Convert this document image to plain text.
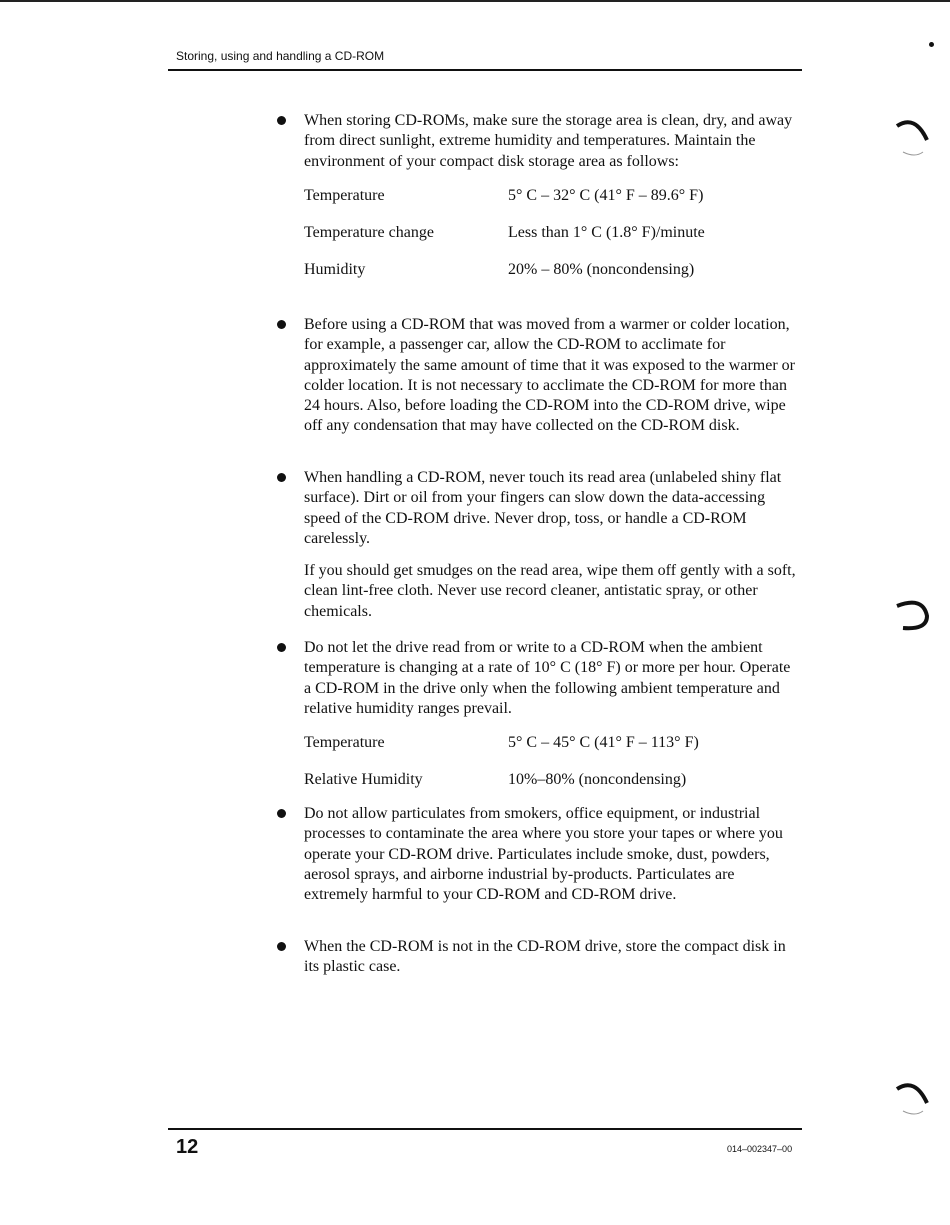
Storing, using and handling a CD-ROM

When storing CD-ROMs, make sure the storage area is clean, dry, and away from direct sunlight, extreme humidity and temperatures. Maintain the environment of your compact disk storage area as follows:

Temperature	5° C – 32° C (41° F – 89.6° F)
Temperature change	Less than 1° C (1.8° F)/minute
Humidity	20% – 80% (noncondensing)

Before using a CD-ROM that was moved from a warmer or colder location, for example, a passenger car, allow the CD-ROM to acclimate for approximately the same amount of time that it was exposed to the warmer or colder location. It is not necessary to acclimate the CD-ROM for more than 24 hours. Also, before loading the CD-ROM into the CD-ROM drive, wipe off any condensation that may have collected on the CD-ROM disk.

When handling a CD-ROM, never touch its read area (unlabeled shiny flat surface). Dirt or oil from your fingers can slow down the data-accessing speed of the CD-ROM drive. Never drop, toss, or handle a CD-ROM carelessly.

If you should get smudges on the read area, wipe them off gently with a soft, clean lint-free cloth. Never use record cleaner, antistatic spray, or other chemicals.

Do not let the drive read from or write to a CD-ROM when the ambient temperature is changing at a rate of 10° C (18° F) or more per hour. Operate a CD-ROM in the drive only when the following ambient temperature and relative humidity ranges prevail.

Temperature	5° C – 45° C (41° F – 113° F)
Relative Humidity	10%–80% (noncondensing)

Do not allow particulates from smokers, office equipment, or industrial processes to contaminate the area where you store your tapes or where you operate your CD-ROM drive. Particulates include smoke, dust, powders, aerosol sprays, and airborne industrial by-products. Particulates are extremely harmful to your CD-ROM and CD-ROM drive.

When the CD-ROM is not in the CD-ROM drive, store the compact disk in its plastic case.

12	014–002347–00
